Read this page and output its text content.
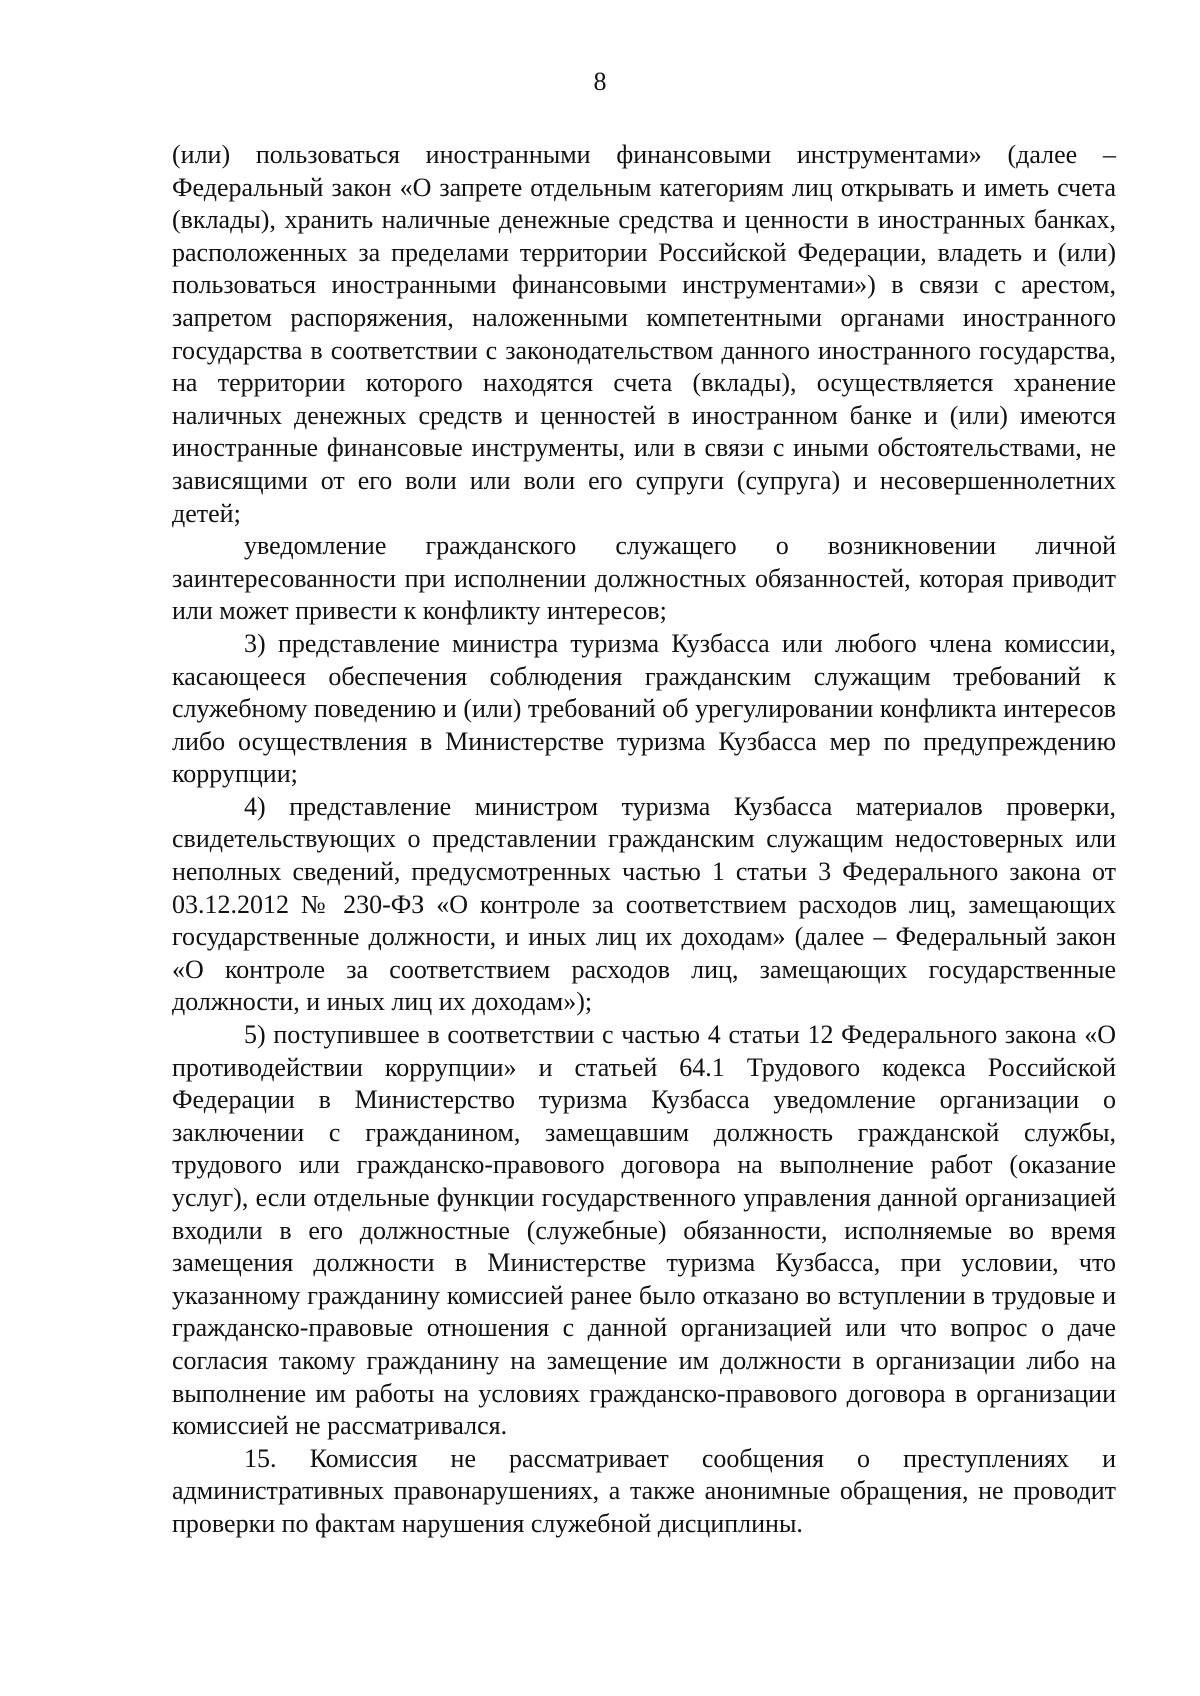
8

(или) пользоваться иностранными финансовыми инструментами» (далее – Федеральный закон «О запрете отдельным категориям лиц открывать и иметь счета (вклады), хранить наличные денежные средства и ценности в иностранных банках, расположенных за пределами территории Российской Федерации, владеть и (или) пользоваться иностранными финансовыми инструментами») в связи с арестом, запретом распоряжения, наложенными компетентными органами иностранного государства в соответствии с законодательством данного иностранного государства, на территории которого находятся счета (вклады), осуществляется хранение наличных денежных средств и ценностей в иностранном банке и (или) имеются иностранные финансовые инструменты, или в связи с иными обстоятельствами, не зависящими от его воли или воли его супруги (супруга) и несовершеннолетних детей;

уведомление гражданского служащего о возникновении личной заинтересованности при исполнении должностных обязанностей, которая приводит или может привести к конфликту интересов;

3) представление министра туризма Кузбасса или любого члена комиссии, касающееся обеспечения соблюдения гражданским служащим требований к служебному поведению и (или) требований об урегулировании конфликта интересов либо осуществления в Министерстве туризма Кузбасса мер по предупреждению коррупции;

4) представление министром туризма Кузбасса материалов проверки, свидетельствующих о представлении гражданским служащим недостоверных или неполных сведений, предусмотренных частью 1 статьи 3 Федерального закона от 03.12.2012 № 230-ФЗ «О контроле за соответствием расходов лиц, замещающих государственные должности, и иных лиц их доходам» (далее – Федеральный закон «О контроле за соответствием расходов лиц, замещающих государственные должности, и иных лиц их доходам»);

5) поступившее в соответствии с частью 4 статьи 12 Федерального закона «О противодействии коррупции» и статьей 64.1 Трудового кодекса Российской Федерации в Министерство туризма Кузбасса уведомление организации о заключении с гражданином, замещавшим должность гражданской службы, трудового или гражданско-правового договора на выполнение работ (оказание услуг), если отдельные функции государственного управления данной организацией входили в его должностные (служебные) обязанности, исполняемые во время замещения должности в Министерстве туризма Кузбасса, при условии, что указанному гражданину комиссией ранее было отказано во вступлении в трудовые и гражданско-правовые отношения с данной организацией или что вопрос о даче согласия такому гражданину на замещение им должности в организации либо на выполнение им работы на условиях гражданско-правового договора в организации комиссией не рассматривался.

15. Комиссия не рассматривает сообщения о преступлениях и административных правонарушениях, а также анонимные обращения, не проводит проверки по фактам нарушения служебной дисциплины.
